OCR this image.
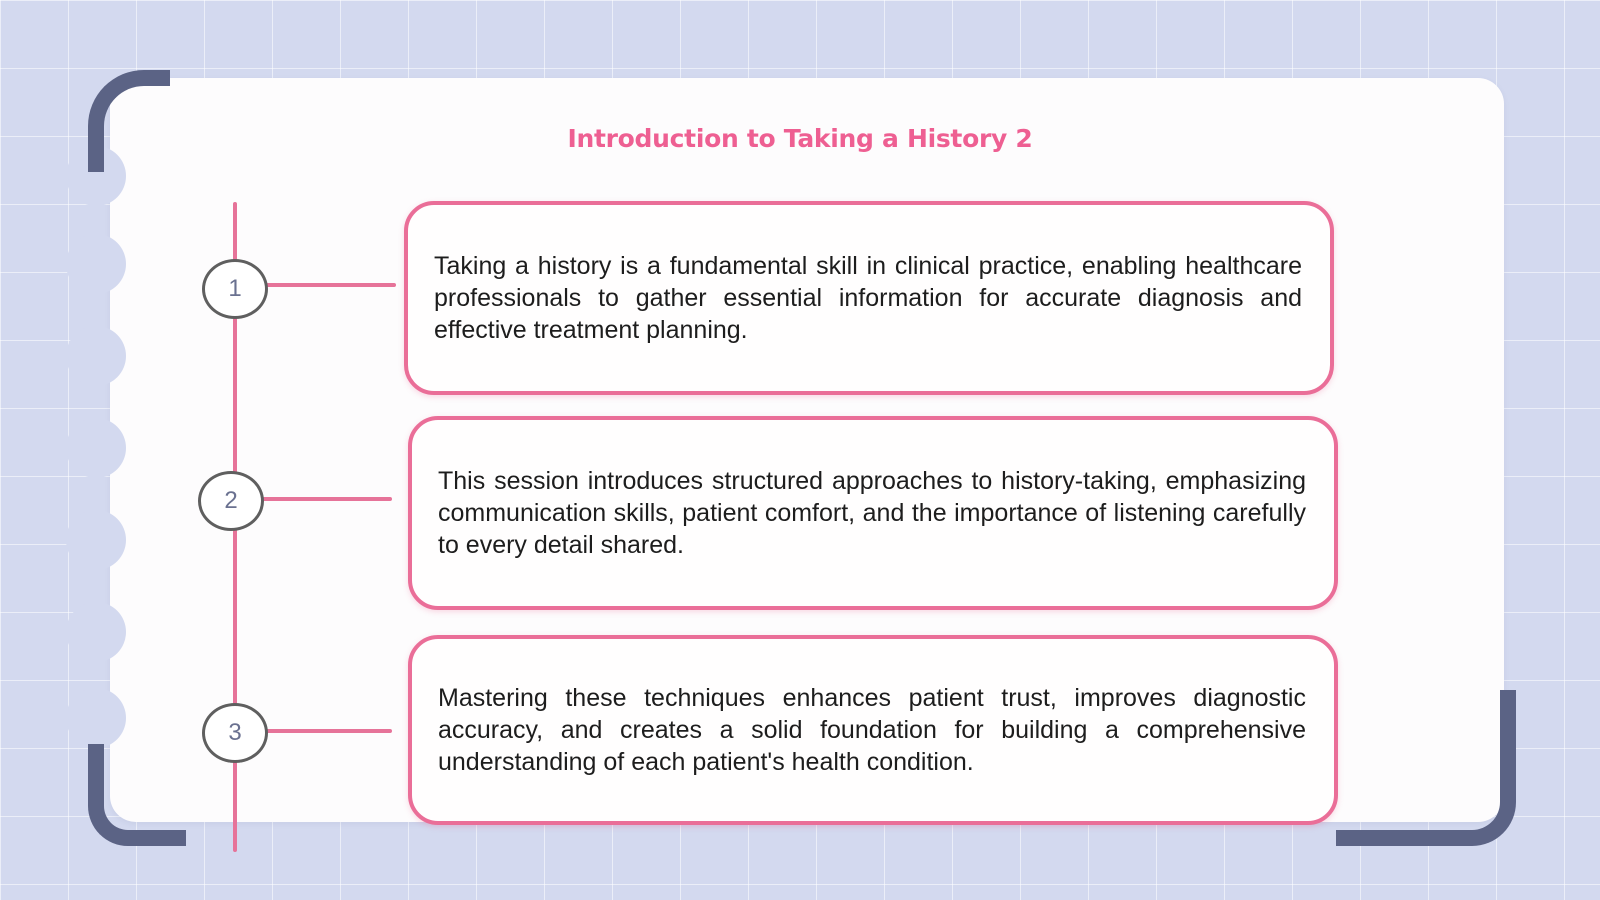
Introduction to Taking a History 2
1

Taking a history is a fundamental skill in clinical practice, enabling healthcare professionals to gather essential information for accurate diagnosis and effective treatment planning.

2

This session introduces structured approaches to history-taking, emphasizing communication skills, patient comfort, and the importance of listening carefully to every detail shared.

3

Mastering these techniques enhances patient trust, improves diagnostic accuracy, and creates a solid foundation for building a comprehensive understanding of each patient's health condition.
